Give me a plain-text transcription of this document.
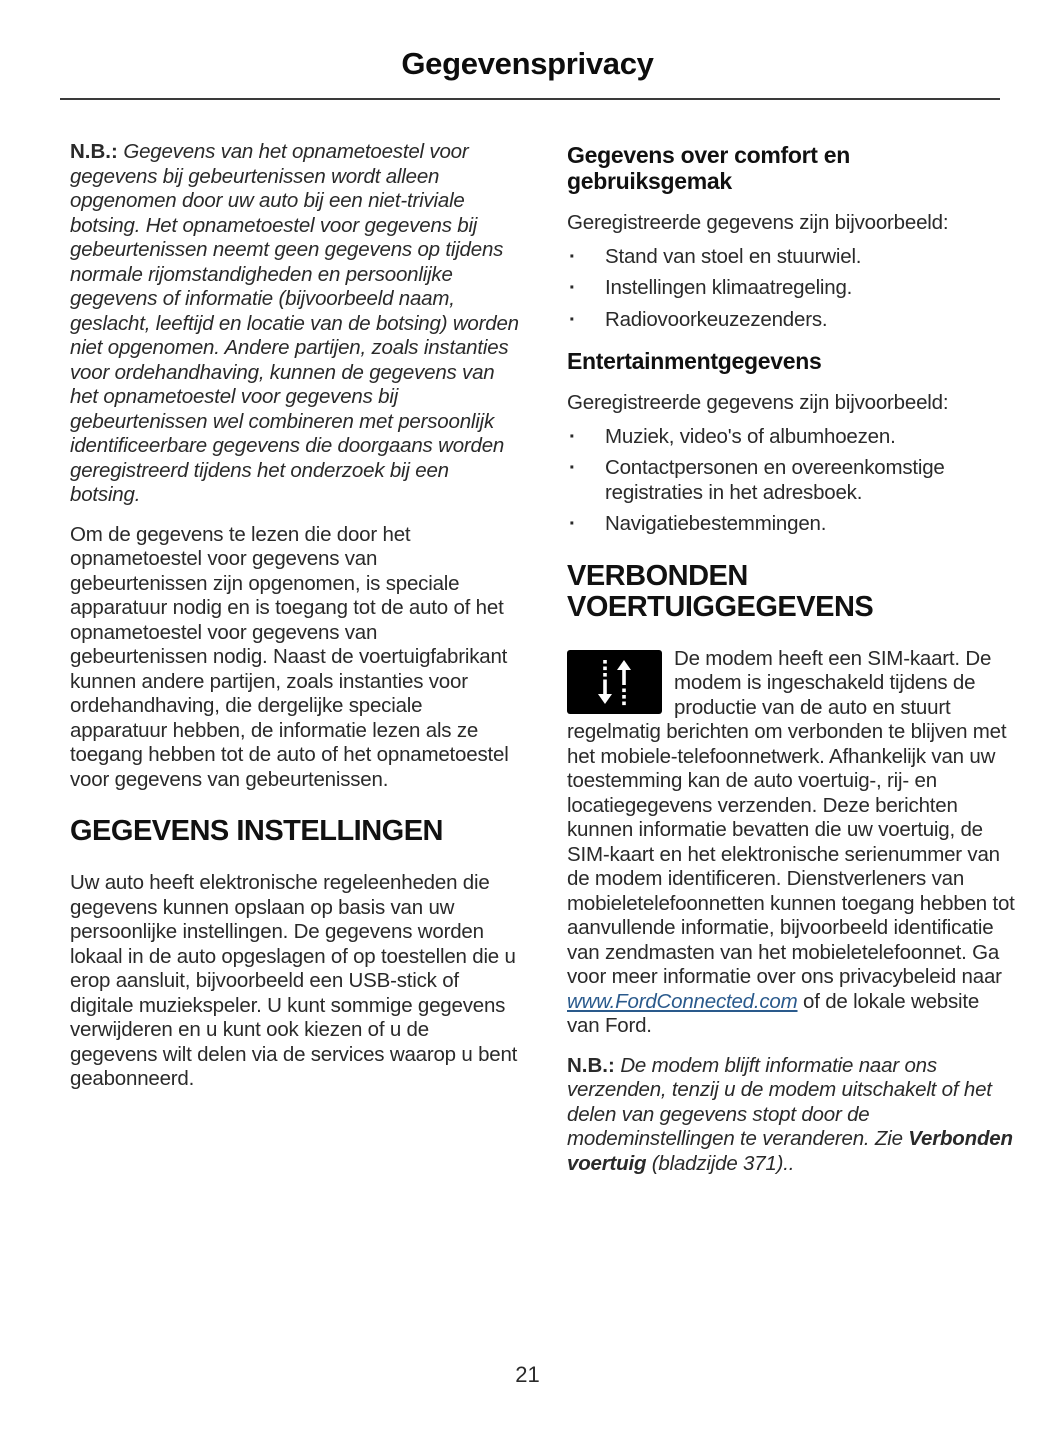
Gegevensprivacy

N.B.: Gegevens van het opnametoestel voor gegevens bij gebeurtenissen wordt alleen opgenomen door uw auto bij een niet-triviale botsing. Het opnametoestel voor gegevens bij gebeurtenissen neemt geen gegevens op tijdens normale rijomstandigheden en persoonlijke gegevens of informatie (bijvoorbeeld naam, geslacht, leeftijd en locatie van de botsing) worden niet opgenomen. Andere partijen, zoals instanties voor ordehandhaving, kunnen de gegevens van het opnametoestel voor gegevens bij gebeurtenissen wel combineren met persoonlijk identificeerbare gegevens die doorgaans worden geregistreerd tijdens het onderzoek bij een botsing.

Om de gegevens te lezen die door het opnametoestel voor gegevens van gebeurtenissen zijn opgenomen, is speciale apparatuur nodig en is toegang tot de auto of het opnametoestel voor gegevens van gebeurtenissen nodig. Naast de voertuigfabrikant kunnen andere partijen, zoals instanties voor ordehandhaving, die dergelijke speciale apparatuur hebben, de informatie lezen als ze toegang hebben tot de auto of het opnametoestel voor gegevens van gebeurtenissen.

GEGEVENS INSTELLINGEN

Uw auto heeft elektronische regeleenheden die gegevens kunnen opslaan op basis van uw persoonlijke instellingen. De gegevens worden lokaal in de auto opgeslagen of op toestellen die u erop aansluit, bijvoorbeeld een USB-stick of digitale muziekspeler. U kunt sommige gegevens verwijderen en u kunt ook kiezen of u de gegevens wilt delen via de services waarop u bent geabonneerd.

Gegevens over comfort en gebruiksgemak

Geregistreerde gegevens zijn bijvoorbeeld:

· Stand van stoel en stuurwiel.
· Instellingen klimaatregeling.
· Radiovoorkeuzezenders.
Entertainmentgegevens

Geregistreerde gegevens zijn bijvoorbeeld:

· Muziek, video's of albumhoezen.
· Contactpersonen en overeenkomstige registraties in het adresboek.
· Navigatiebestemmingen.
VERBONDEN VOERTUIGGEGEVENS

De modem heeft een SIM-kaart. De modem is ingeschakeld tijdens de productie van de auto en stuurt regelmatig berichten om verbonden te blijven met het mobiele-telefoonnetwerk. Afhankelijk van uw toestemming kan de auto voertuig-, rij- en locatiegegevens verzenden. Deze berichten kunnen informatie bevatten die uw voertuig, de SIM-kaart en het elektronische serienummer van de modem identificeren. Dienstverleners van mobieletelefoonnetten kunnen toegang hebben tot aanvullende informatie, bijvoorbeeld identificatie van zendmasten van het mobieletelefoonnet. Ga voor meer informatie over ons privacybeleid naar www.FordConnected.com of de lokale website van Ford.

N.B.: De modem blijft informatie naar ons verzenden, tenzij u de modem uitschakelt of het delen van gegevens stopt door de modeminstellingen te veranderen. Zie Verbonden voertuig (bladzijde 371)..

21
